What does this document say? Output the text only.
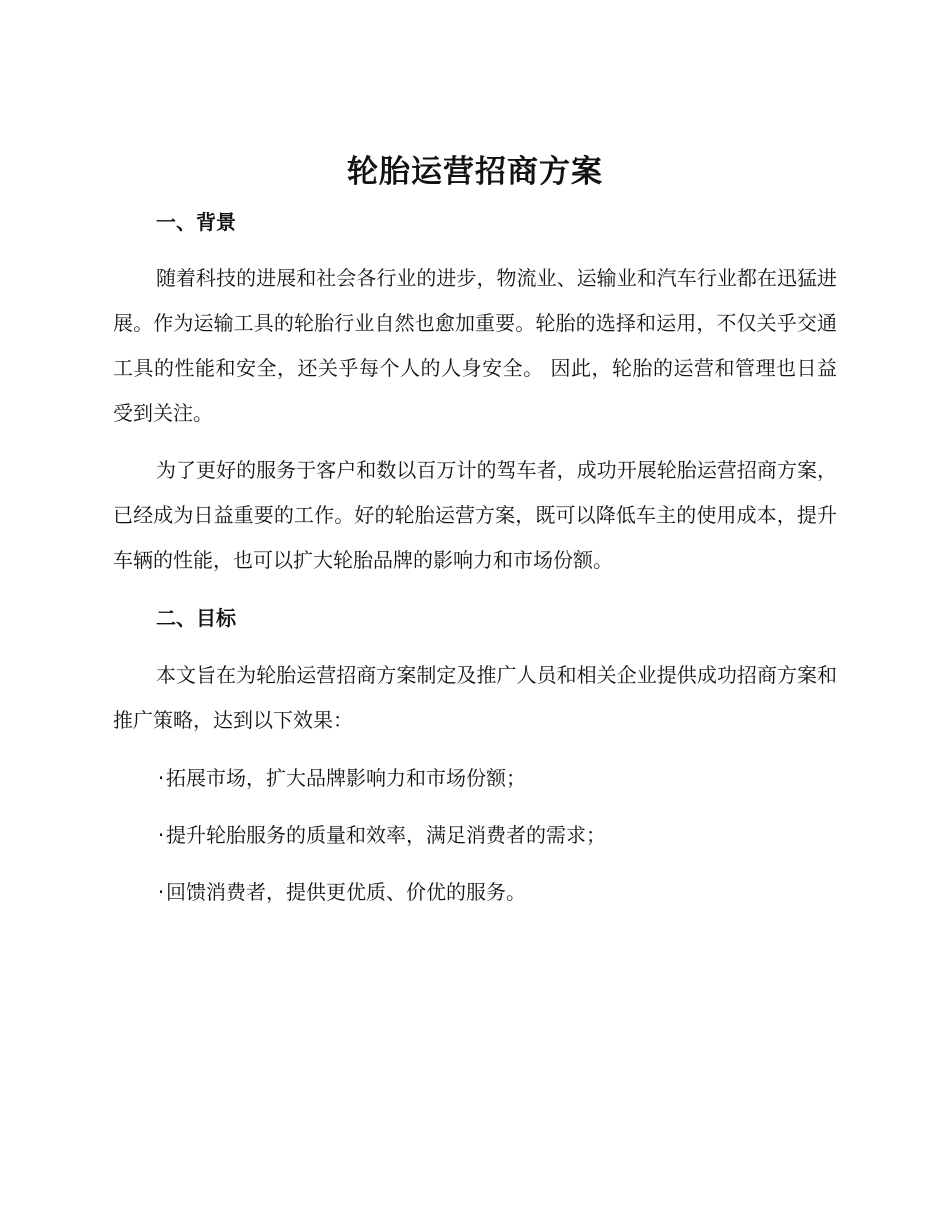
轮胎运营招商方案
一、背景

随着科技的进展和社会各行业的进步，物流业、运输业和汽车行业都在迅猛进展。作为运输工具的轮胎行业自然也愈加重要。轮胎的选择和运用，不仅关乎交通工具的性能和安全，还关乎每个人的人身安全。 因此，轮胎的运营和管理也日益受到关注。

为了更好的服务于客户和数以百万计的驾车者，成功开展轮胎运营招商方案，已经成为日益重要的工作。好的轮胎运营方案，既可以降低车主的使用成本，提升车辆的性能，也可以扩大轮胎品牌的影响力和市场份额。

二、目标

本文旨在为轮胎运营招商方案制定及推广人员和相关企业提供成功招商方案和推广策略，达到以下效果：

·拓展市场，扩大品牌影响力和市场份额；
·提升轮胎服务的质量和效率，满足消费者的需求；
·回馈消费者，提供更优质、价优的服务。
